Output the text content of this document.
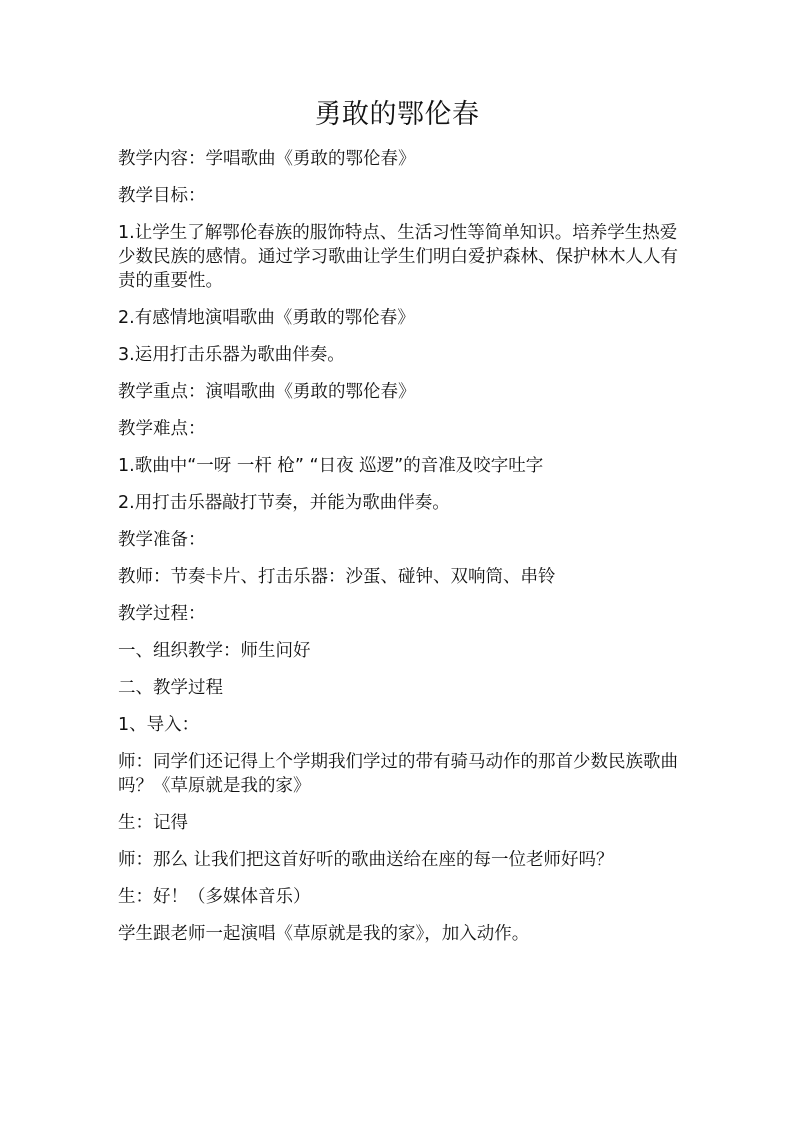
勇敢的鄂伦春

教学内容：学唱歌曲《勇敢的鄂伦春》

教学目标：

1.让学生了解鄂伦春族的服饰特点、生活习性等简单知识。培养学生热爱少数民族的感情。通过学习歌曲让学生们明白爱护森林、保护林木人人有责的重要性。

2.有感情地演唱歌曲《勇敢的鄂伦春》

3.运用打击乐器为歌曲伴奏。

教学重点：演唱歌曲《勇敢的鄂伦春》

教学难点：

1.歌曲中“一呀 一杆 枪” “日夜 巡逻”的音准及咬字吐字

2.用打击乐器敲打节奏，并能为歌曲伴奏。

教学准备：

教师：节奏卡片、打击乐器：沙蛋、碰钟、双响筒、串铃

教学过程：

一、组织教学：师生问好

二、教学过程

1、导入：

师：同学们还记得上个学期我们学过的带有骑马动作的那首少数民族歌曲吗？《草原就是我的家》

生：记得

师：那么 让我们把这首好听的歌曲送给在座的每一位老师好吗？

生：好！（多媒体音乐）

学生跟老师一起演唱《草原就是我的家》，加入动作。
